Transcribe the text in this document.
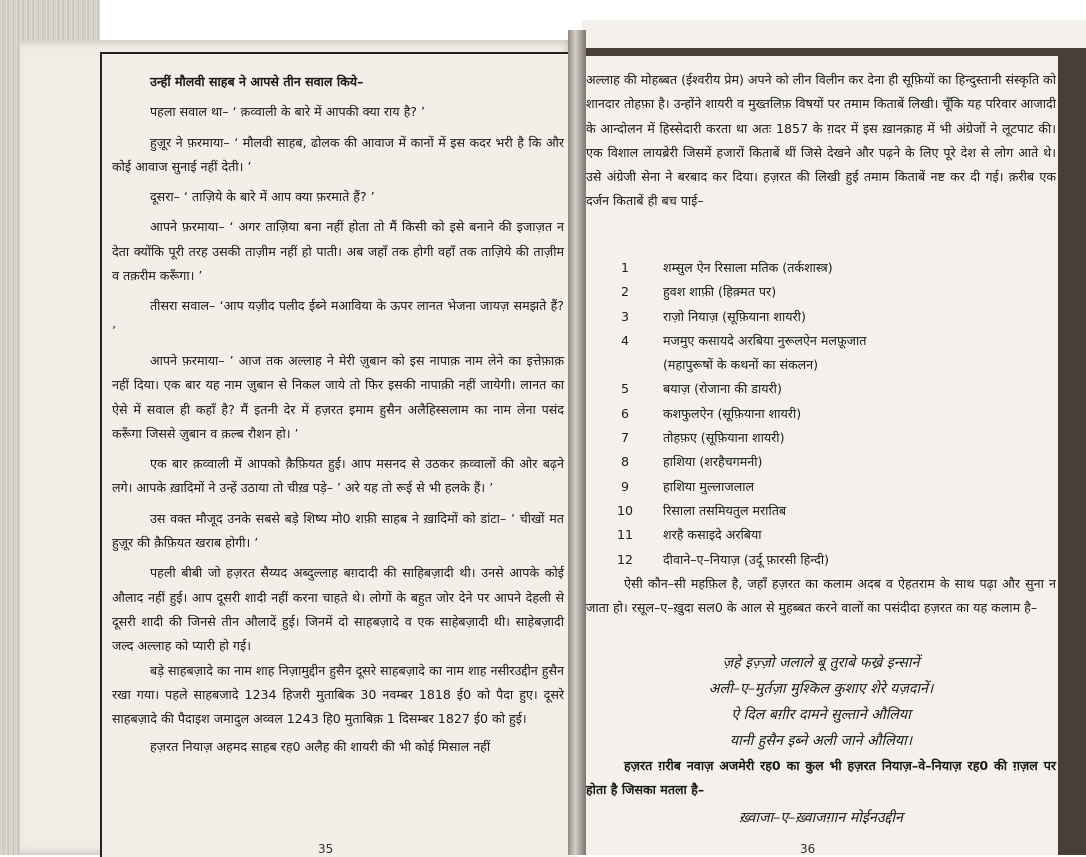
उन्हीं मौलवी साहब ने आपसे तीन सवाल किये–

पहला सवाल था– ‘ क़व्वाली के बारे में आपकी क्या राय है? ’

हुज़ूर ने फ़रमाया– ‘ मौलवी साहब, ढोलक की आवाज में कानों में इस कदर भरी है कि और कोई आवाज सुनाई नहीं देती। ’

दूसरा– ‘ ताज़िये के बारे में आप क्या फ़रमाते हैं? ’

आपने फ़रमाया– ‘ अगर ताज़िया बना नहीं होता तो मैं किसी को इसे बनाने की इजाज़त न देता क्योंकि पूरी तरह उसकी ताज़ीम नहीं हो पाती। अब जहाँ तक होगी वहाँ तक ताज़िये की ताज़ीम व तक़रीम करूँगा। ’

तीसरा सवाल– ‘आप यज़ीद पलीद ईब्ने मआविया के ऊपर लानत भेजना जायज़ समझते हैं? ’

आपने फ़रमाया– ’ आज तक अल्लाह ने मेरी ज़ुबान को इस नापाक़ नाम लेने का इत्तेफ़ाक़ नहीं दिया। एक बार यह नाम ज़ुबान से निकल जाये तो फिर इसकी नापाक़ी नहीं जायेगी। लानत का ऐसे में सवाल ही कहाँ है? मैं इतनी देर में हज़रत इमाम हुसैन अलैहिस्सलाम का नाम लेना पसंद करूँगा जिससे ज़ुबान व क़ल्ब रौशन हो। ’

एक बार क़व्वाली में आपको क़ैफ़ियत हुई। आप मसनद से उठकर क़व्वालों की ओर बढ़ने लगे। आपके ख़ादिमों ने उन्हें उठाया तो चीख़ पड़े– ’ अरे यह तो रूई से भी हलके हैं। ’

उस वक्त मौजूद उनके सबसे बड़े शिष्य मो0 शफ़ी साहब ने ख़ादिमों को डांटा– ’ चीखों मत हुज़ूर की क़ैफ़ियत खराब होगी। ’

पहली बीबी जो हज़रत सैय्यद अब्दुल्लाह बग़दादी की साहिबज़ादी थी। उनसे आपके कोई औलाद नहीं हुई। आप दूसरी शादी नहीं करना चाहते थे। लोगों के बहुत जोर देने पर आपने देहली से दूसरी शादी की जिनसे तीन औलादें हुई। जिनमें दो साहबज़ादे व एक साहेबज़ादी थी। साहेबज़ादी जल्द अल्लाह को प्यारी हो गई।

बड़े साहबज़ादे का नाम शाह निज़ामुद्दीन हुसैन दूसरे साहबज़ादे का नाम शाह नसीरउद्दीन हुसैन रखा गया। पहले साहबजादे 1234 हिजरी मुताबिक 30 नवम्बर 1818 ई0 को पैदा हुए। दूसरे साहबज़ादे की पैदाइश जमादुल अव्वल 1243 हि0 मुताबिक़ 1 दिसम्बर 1827 ई0 को हुई।

हज़रत नियाज़ अहमद साहब रह0 अलैह की शायरी की भी कोई मिसाल नहीं

35

अल्लाह की मोहब्बत (ईश्वरीय प्रेम) अपने को लीन विलीन कर देना ही सूफ़ियों का हिन्दुस्तानी संस्कृति को शानदार तोहफ़ा है। उन्होंने शायरी व मुख्तलिफ़ विषयों पर तमाम किताबें लिखी। चूँकि यह परिवार आजादी के आन्दोलन में हिस्सेदारी करता था अतः 1857 के ग़दर में इस ख़ानक़ाह में भी अंग्रेजों ने लूटपाट की। एक विशाल लायब्रेरी जिसमें हजारों किताबें थीं जिसे देखने और पढ़ने के लिए पूरे देश से लोग आते थे। उसे अंग्रेजी सेना ने बरबाद कर दिया। हज़रत की लिखी हुई तमाम किताबें नष्ट कर दी गई। क़रीब एक दर्जन किताबें ही बच पाई–

1	शम्सुल ऐन रिसाला मतिक (तर्कशास्त्र)
2	हुवश शाफ़ी (हिक़्मत पर)
3	राज़ो नियाज़ (सूफ़ियाना शायरी)
4	मजमुए कसायदे अरबिया नुरूलऐन मलफ़ूजात
(महापुरूषों के कथनों का संकलन)
5	बयाज़ (रोजाना की डायरी)
6	कशफुलऐन (सूफ़ियाना शायरी)
7	तोहफ़ए (सूफ़ियाना शायरी)
8	हाशिया (शरहैचगमनी)
9	हाशिया मुल्लाजलाल
10	रिसाला तसमियतुल मरातिब
11	शरहै कसाइदे अरबिया
12	दीवाने–ए–नियाज़ (उर्दू फ़ारसी हिन्दी)

ऐसी कौन–सी महफ़िल है, जहाँ हज़रत का कलाम अदब व ऐहतराम के साथ पढ़ा और सुना न जाता हो। रसूल–ए–ख़ुदा सल0 के आल से मुहब्बत करने वालों का पसंदीदा हज़रत का यह कलाम है–

ज़हे इज़्ज़ो जलाले बू तुराबे फख्रे इन्सानें
अली–ए–मुर्तज़ा मुश्किल कुशाए शेरे यज़दानें।
ऐ दिल बग़ीर दामने सुल्ताने औलिया
यानी हुसैन इब्ने अली जाने औलिया।

हज़रत ग़रीब नवाज़ अजमेरी रह0 का कुल भी हज़रत नियाज़–वे–नियाज़ रह0 की ग़ज़ल पर होता है जिसका मतला है–

ख़्वाजा–ए–ख़्वाजग़ान मोईनउद्दीन
36
